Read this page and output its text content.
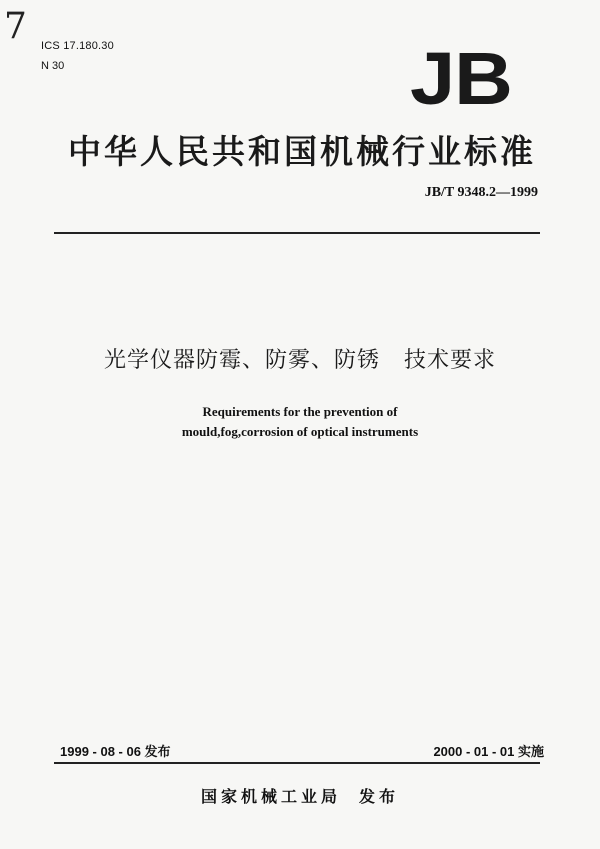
7 ICS 17.180.30
N 30	JB
中华人民共和国机械行业标准
JB/T 9348.2—1999
光学仪器防霉、防雾、防锈 技术要求
Requirements for the prevention of
mould,fog,corrosion of optical instruments
1999 - 08 - 06 发布	2000 - 01 - 01 实施
国家机械工业局 发布
